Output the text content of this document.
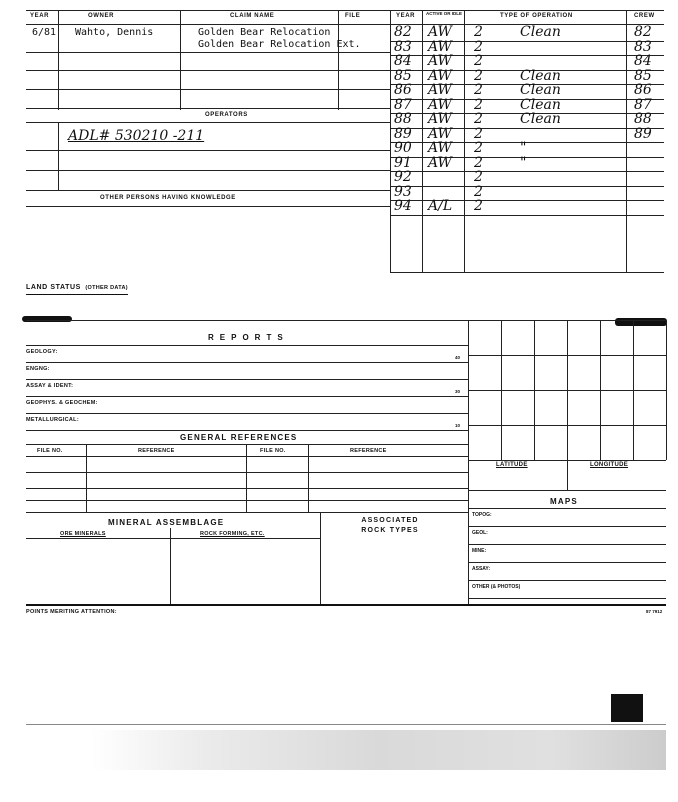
YEAR	OWNER	CLAIM NAME	FILE
6/81 Wahto, Dennis	Golden Bear Relocation
Golden Bear Relocation Ext.
OPERATORS
ADL# 530210 -211
OTHER PERSONS HAVING KNOWLEDGE
YEAR ACTIVE OR IDLE	TYPE OF OPERATION	CREW
82 AW 2	Clean	82
83 AW 2	83
84 AW 2	84
85 AW 2	Clean	85
86 AW 2	Clean	86
87 AW 2	Clean	87
88 AW 2	Clean	88
89 AW 2	89
90 AW 2	"
91 AW 2	"
92	2
93	2
94 A/L 2
LAND STATUS (OTHER DATA)
REPORTS
GEOLOGY:
40
ENGNG:
ASSAY & IDENT:
30
GEOPHYS. & GEOCHEM:
METALLURGICAL:
10
GENERAL REFERENCES
FILE NO.	REFERENCE	FILE NO.	REFERENCE
MINERAL ASSEMBLAGE
ORE MINERALS	ROCK FORMING, ETC.
ASSOCIATED ROCK TYPES
LATITUDE	LONGITUDE
MAPS
TOPOG:
GEOL:
MINE:
ASSAY:
OTHER (& PHOTOS)
POINTS MERITING ATTENTION:	87 7912
